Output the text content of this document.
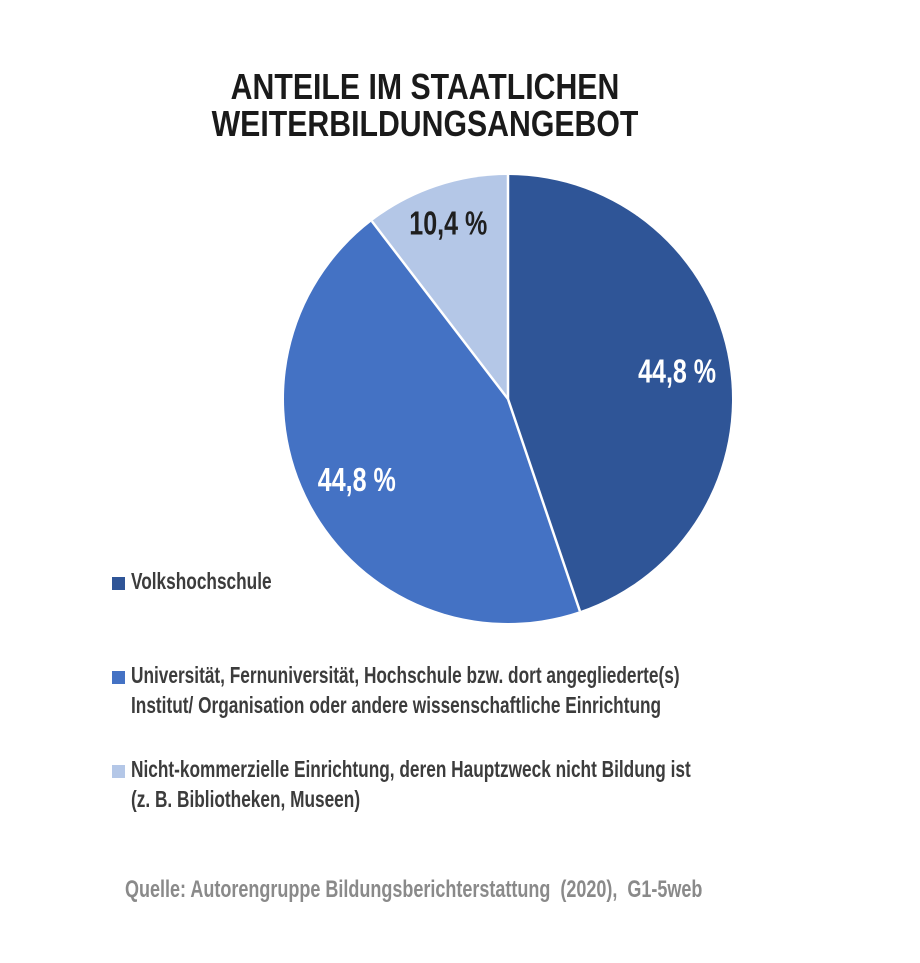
ANTEILE IM STAATLICHEN
WEITERBILDUNGSANGEBOT
44,8 %
44,8 %
10,4 %
Volkshochschule
Universität, Fernuniversität, Hochschule bzw. dort angegliederte(s)
Institut/ Organisation oder andere wissenschaftliche Einrichtung
Nicht-kommerzielle Einrichtung, deren Hauptzweck nicht Bildung ist
(z. B. Bibliotheken, Museen)
Quelle: Autorengruppe Bildungsberichterstattung  (2020),  G1-5web
